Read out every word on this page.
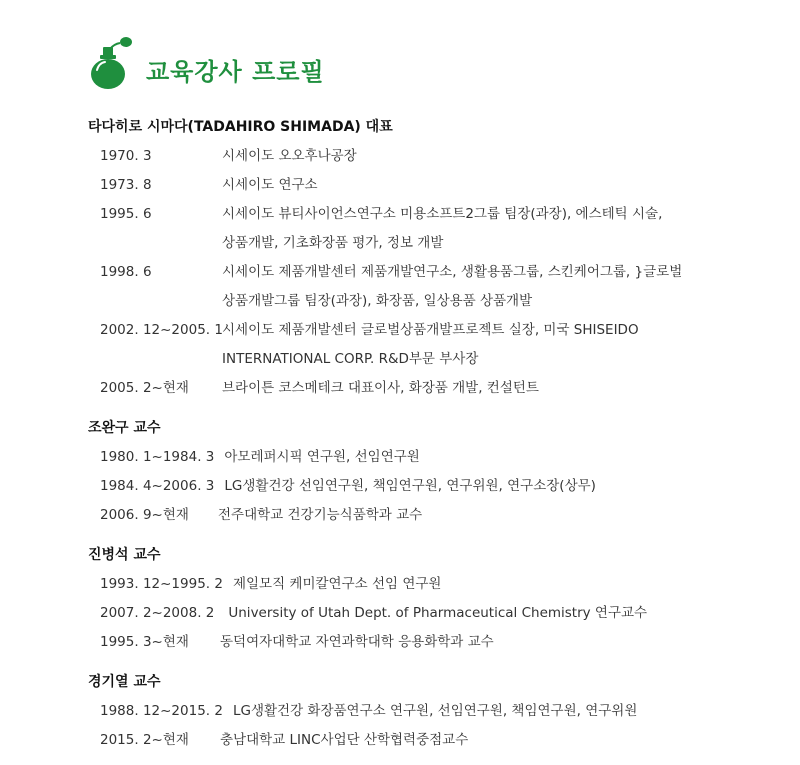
교육강사 프로필
타다히로 시마다(TADAHIRO SHIMADA) 대표
1970. 3	시세이도 오오후나공장
1973. 8	시세이도 연구소
1995. 6	시세이도 뷰티사이언스연구소 미용소프트2그룹 팀장(과장), 에스테틱 시술,
상품개발, 기초화장품 평가, 정보 개발
1998. 6	시세이도 제품개발센터 제품개발연구소, 생활용품그룹, 스킨케어그룹, }글로벌
상품개발그룹 팀장(과장), 화장품, 일상용품 상품개발
2002. 12~2005. 1 시세이도 제품개발센터 글로벌상품개발프로젝트 실장, 미국 SHISEIDO
INTERNATIONAL CORP. R&D부문 부사장
2005. 2~현재	브라이튼 코스메테크 대표이사, 화장품 개발, 컨설턴트
조완구 교수
1980. 1~1984. 3 아모레퍼시픽 연구원, 선임연구원
1984. 4~2006. 3 LG생활건강 선임연구원, 책임연구원, 연구위원, 연구소장(상무)
2006. 9~현재	전주대학교 건강기능식품학과 교수
진병석 교수
1993. 12~1995. 2 제일모직 케미칼연구소 선임 연구원
2007. 2~2008. 2 University of Utah Dept. of Pharmaceutical Chemistry 연구교수
1995. 3~현재	동덕여자대학교 자연과학대학 응용화학과 교수
경기열 교수
1988. 12~2015. 2 LG생활건강 화장품연구소 연구원, 선임연구원, 책임연구원, 연구위원
2015. 2~현재	충남대학교 LINC사업단 산학협력중점교수
